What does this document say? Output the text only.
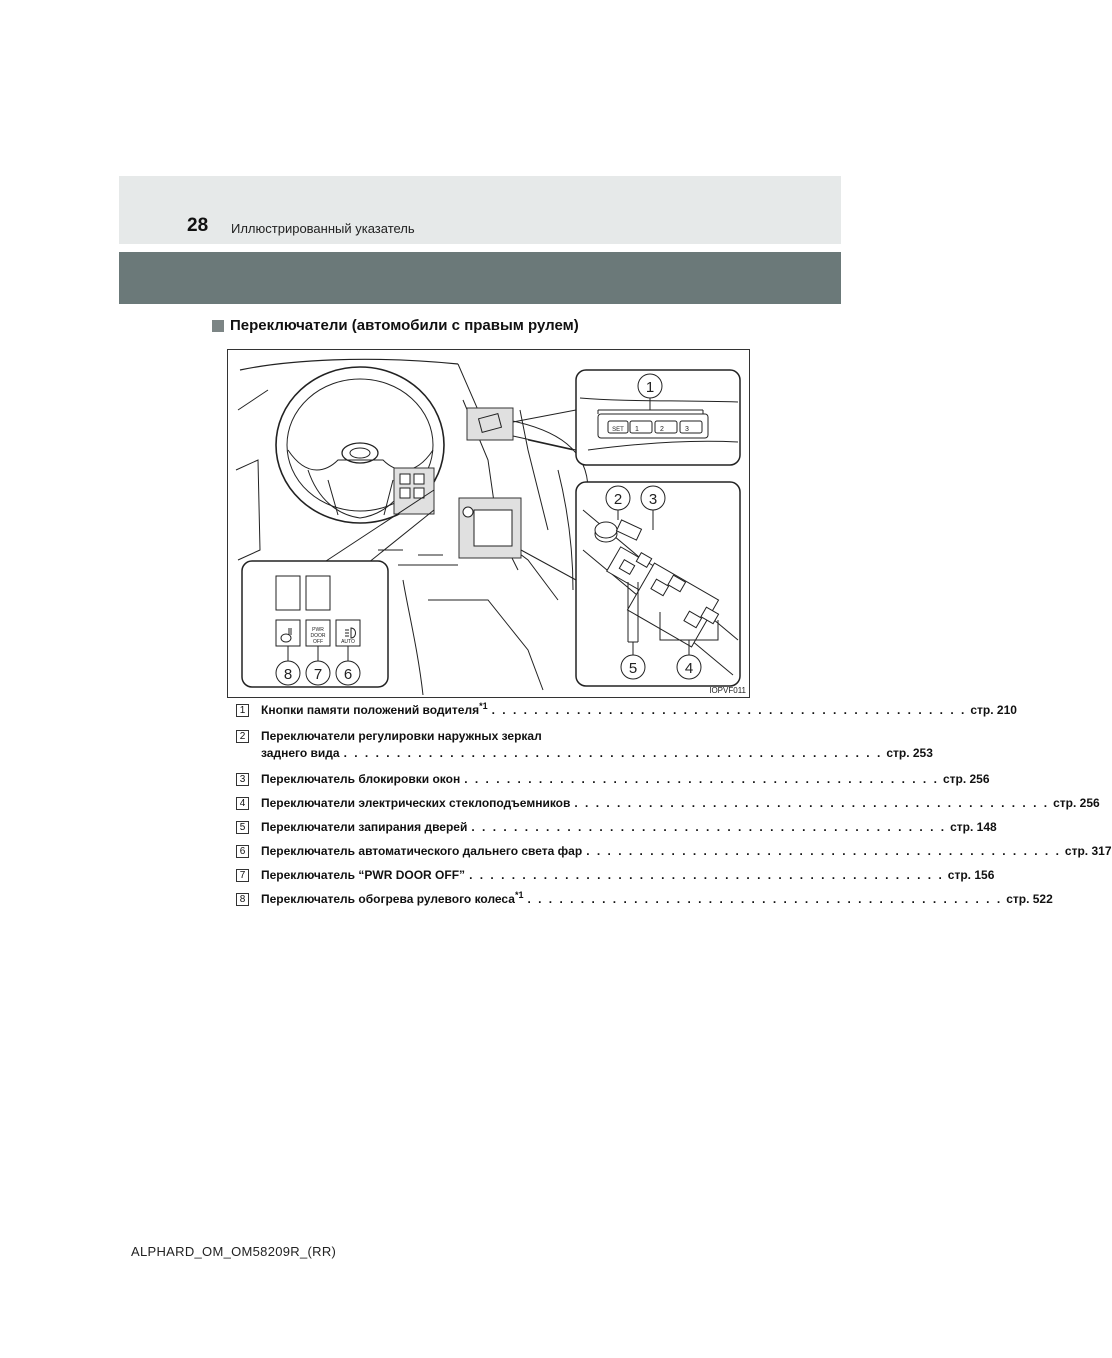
28 Иллюстрированный указатель
Переключатели (автомобили с правым рулем)
SET 1	2	3
1
2 3
5	4
PWR
DOOR
OFF	AUTO
8 7 6
IOPVF011
1	Кнопки памяти положений водителя$^{*1}$ . . . . . . . . . . . . . . . . . . . . . . . . . . . . . . . . . . . . . . . . . . . . . стр. 210
2	Переключатели регулировки наружных зеркал
заднего вида . . . . . . . . . . . . . . . . . . . . . . . . . . . . . . . . . . . . . . . . . . . . . . . . . . . стр. 253
3	Переключатель блокировки окон . . . . . . . . . . . . . . . . . . . . . . . . . . . . . . . . . . . . . . . . . . . . . стр. 256
4	Переключатели электрических стеклоподъемников . . . . . . . . . . . . . . . . . . . . . . . . . . . . . . . . . . . . . . . . . . . . . стр. 256
5	Переключатели запирания дверей . . . . . . . . . . . . . . . . . . . . . . . . . . . . . . . . . . . . . . . . . . . . . стр. 148
6	Переключатель автоматического дальнего света фар . . . . . . . . . . . . . . . . . . . . . . . . . . . . . . . . . . . . . . . . . . . . . стр. 317
7	Переключатель “PWR DOOR OFF” . . . . . . . . . . . . . . . . . . . . . . . . . . . . . . . . . . . . . . . . . . . . . стр. 156
8	Переключатель обогрева рулевого колеса$^{*1}$ . . . . . . . . . . . . . . . . . . . . . . . . . . . . . . . . . . . . . . . . . . . . . стр. 522
ALPHARD_OM_OM58209R_(RR)
